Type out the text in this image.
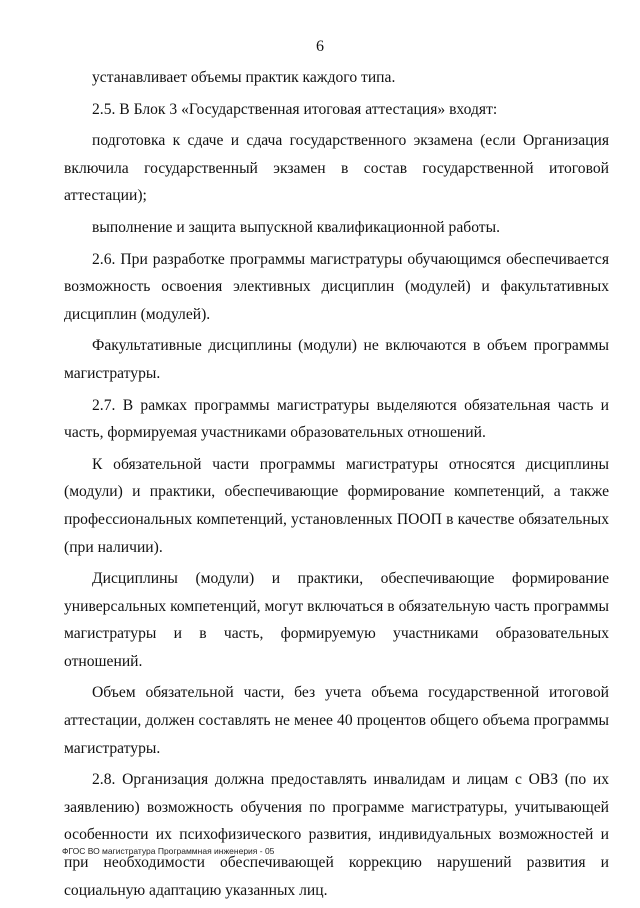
6

устанавливает объемы практик каждого типа.

2.5. В Блок 3 «Государственная итоговая аттестация» входят:

подготовка к сдаче и сдача государственного экзамена (если Организация включила государственный экзамен в состав государственной итоговой аттестации);

выполнение и защита выпускной квалификационной работы.

2.6. При разработке программы магистратуры обучающимся обеспечивается возможность освоения элективных дисциплин (модулей) и факультативных дисциплин (модулей).

Факультативные дисциплины (модули) не включаются в объем программы магистратуры.

2.7. В рамках программы магистратуры выделяются обязательная часть и часть, формируемая участниками образовательных отношений.

К обязательной части программы магистратуры относятся дисциплины (модули) и практики, обеспечивающие формирование компетенций, а также профессиональных компетенций, установленных ПООП в качестве обязательных (при наличии).

Дисциплины (модули) и практики, обеспечивающие формирование универсальных компетенций, могут включаться в обязательную часть программы магистратуры и в часть, формируемую участниками образовательных отношений.

Объем обязательной части, без учета объема государственной итоговой аттестации, должен составлять не менее 40 процентов общего объема программы магистратуры.

2.8. Организация должна предоставлять инвалидам и лицам с ОВЗ (по их заявлению) возможность обучения по программе магистратуры, учитывающей особенности их психофизического развития, индивидуальных возможностей и при необходимости обеспечивающей коррекцию нарушений развития и социальную адаптацию указанных лиц.

ФГОС ВО магистратура Программная инженерия - 05
